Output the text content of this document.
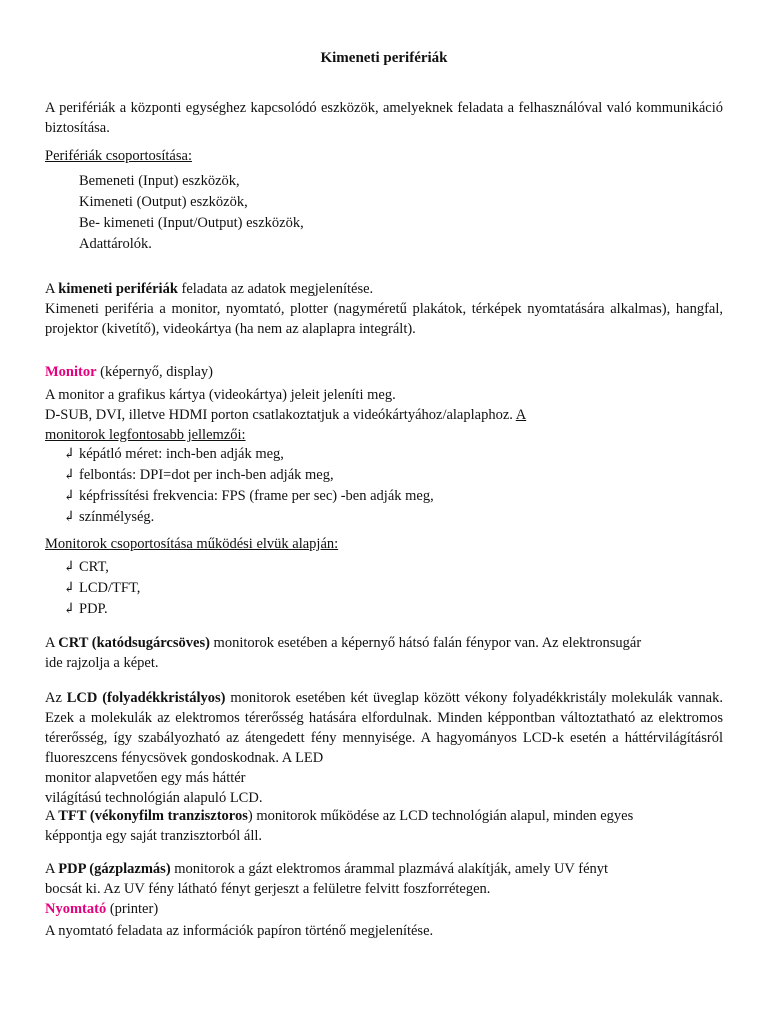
Kimeneti perifériák
A perifériák a központi egységhez kapcsolódó eszközök, amelyeknek feladata a felhasználóval való kommunikáció biztosítása.
Perifériák csoportosítása:
Bemeneti (Input) eszközök,
Kimeneti (Output) eszközök,
Be- kimeneti (Input/Output) eszközök,
Adattárolók.
A kimeneti perifériák feladata az adatok megjelenítése.
Kimeneti periféria a monitor, nyomtató, plotter (nagyméretű plakátok, térképek nyomtatására alkalmas), hangfal, projektor (kivetítő), videokártya (ha nem az alaplapra integrált).
Monitor (képernyő, display)
A monitor a grafikus kártya (videokártya) jeleit jeleníti meg.
D-SUB, DVI, illetve HDMI porton csatlakoztatjuk a videókártyához/alaplaphoz. A
monitorok legfontosabb jellemzői:
↲ képátló méret: inch-ben adják meg,
↲ felbontás: DPI=dot per inch-ben adják meg,
↲ képfrissítési frekvencia: FPS (frame per sec) -ben adják meg,
↲ színmélység.
Monitorok csoportosítása működési elvük alapján:
↲ CRT,
↲ LCD/TFT,
↲ PDP.
A CRT (katódsugárcsöves) monitorok esetében a képernyő hátsó falán fénypor van. Az elektronsugár
ide rajzolja a képet.
Az LCD (folyadékkristályos) monitorok esetében két üveglap között vékony folyadékkristály molekulák vannak. Ezek a molekulák az elektromos térerősség hatására elfordulnak. Minden képpontban változtatható az elektromos térerősség, így szabályozható az átengedett fény mennyisége. A hagyományos LCD-k esetén a háttérvilágításról fluoreszcens fénycsövek gondoskodnak. A LED
monitor alapvetően egy más háttér
világítású technológián alapuló LCD.
A TFT (vékonyfilm tranzisztoros) monitorok működése az LCD technológián alapul, minden egyes
képpontja egy saját tranzisztorból áll.
A PDP (gázplazmás) monitorok a gázt elektromos árammal plazmává alakítják, amely UV fényt
bocsát ki. Az UV fény látható fényt gerjeszt a felületre felvitt foszforrétegen.
Nyomtató (printer)
A nyomtató feladata az információk papíron történő megjelenítése.
